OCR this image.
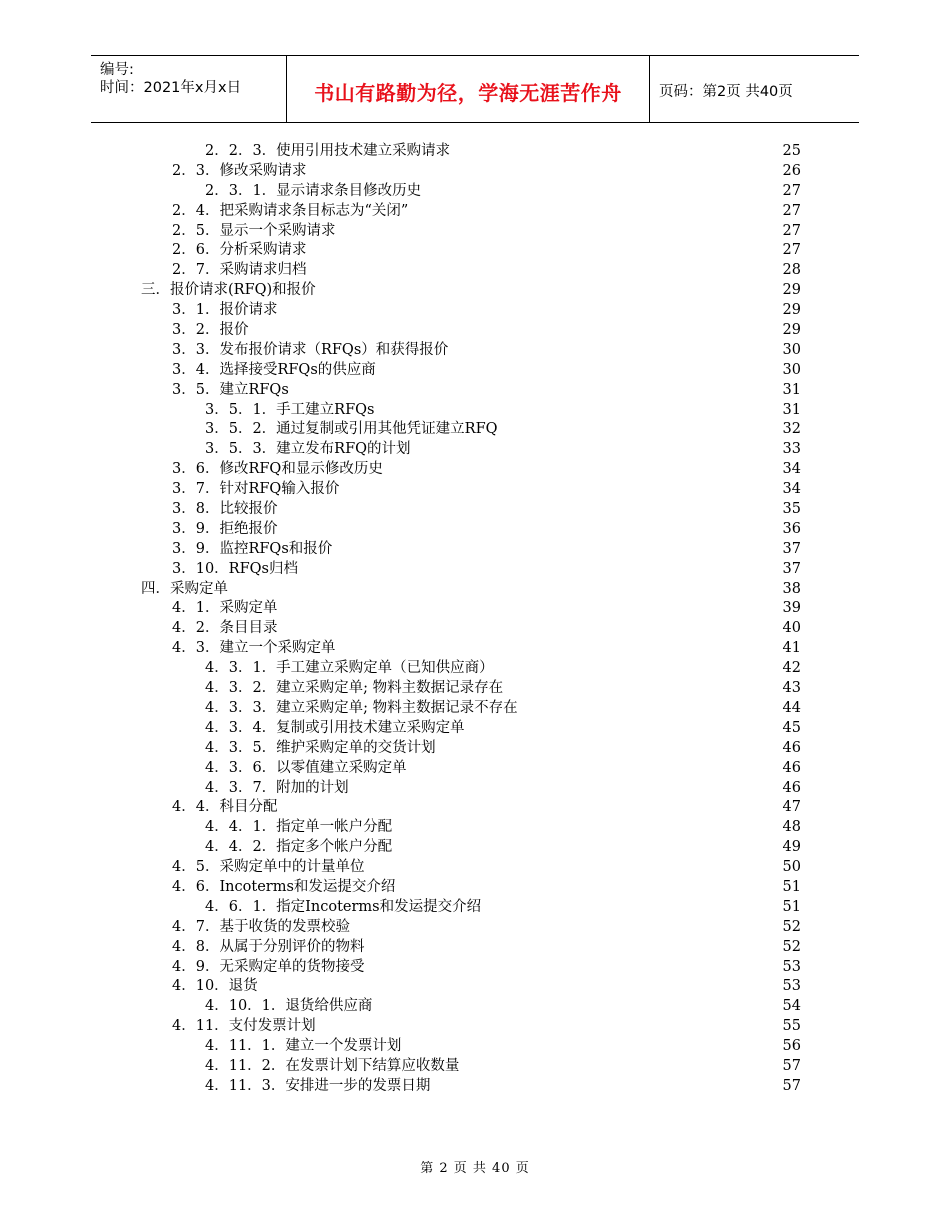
编号:
时间：2021年x月x日	书山有路勤为径，学海无涯苦作舟	页码：第2页 共40页
2．2．3．使用引用技术建立采购请求	25
2．3．修改采购请求	26
2．3．1．显示请求条目修改历史	27
2．4．把采购请求条目标志为“关闭”	27
2．5．显示一个采购请求	27
2．6．分析采购请求	27
2．7．采购请求归档	28
三．报价请求(RFQ)和报价	29
3．1．报价请求	29
3．2．报价	29
3．3．发布报价请求（RFQs）和获得报价	30
3．4．选择接受RFQs的供应商	30
3．5．建立RFQs	31
3．5．1．手工建立RFQs	31
3．5．2．通过复制或引用其他凭证建立RFQ	32
3．5．3．建立发布RFQ的计划	33
3．6．修改RFQ和显示修改历史	34
3．7．针对RFQ输入报价	34
3．8．比较报价	35
3．9．拒绝报价	36
3．9．监控RFQs和报价	37
3．10．RFQs归档	37
四．采购定单	38
4．1．采购定单	39
4．2．条目目录	40
4．3．建立一个采购定单	41
4．3．1．手工建立采购定单（已知供应商）	42
4．3．2．建立采购定单; 物料主数据记录存在	43
4．3．3．建立采购定单; 物料主数据记录不存在	44
4．3．4．复制或引用技术建立采购定单	45
4．3．5．维护采购定单的交货计划	46
4．3．6．以零值建立采购定单	46
4．3．7．附加的计划	46
4．4．科目分配	47
4．4．1．指定单一帐户分配	48
4．4．2．指定多个帐户分配	49
4．5．采购定单中的计量单位	50
4．6．Incoterms和发运提交介绍	51
4．6．1．指定Incoterms和发运提交介绍	51
4．7．基于收货的发票校验	52
4．8．从属于分别评价的物料	52
4．9．无采购定单的货物接受	53
4．10．退货	53
4．10．1．退货给供应商	54
4．11．支付发票计划	55
4．11．1．建立一个发票计划	56
4．11．2．在发票计划下结算应收数量	57
4．11．3．安排进一步的发票日期	57
第 2 页 共 40 页
